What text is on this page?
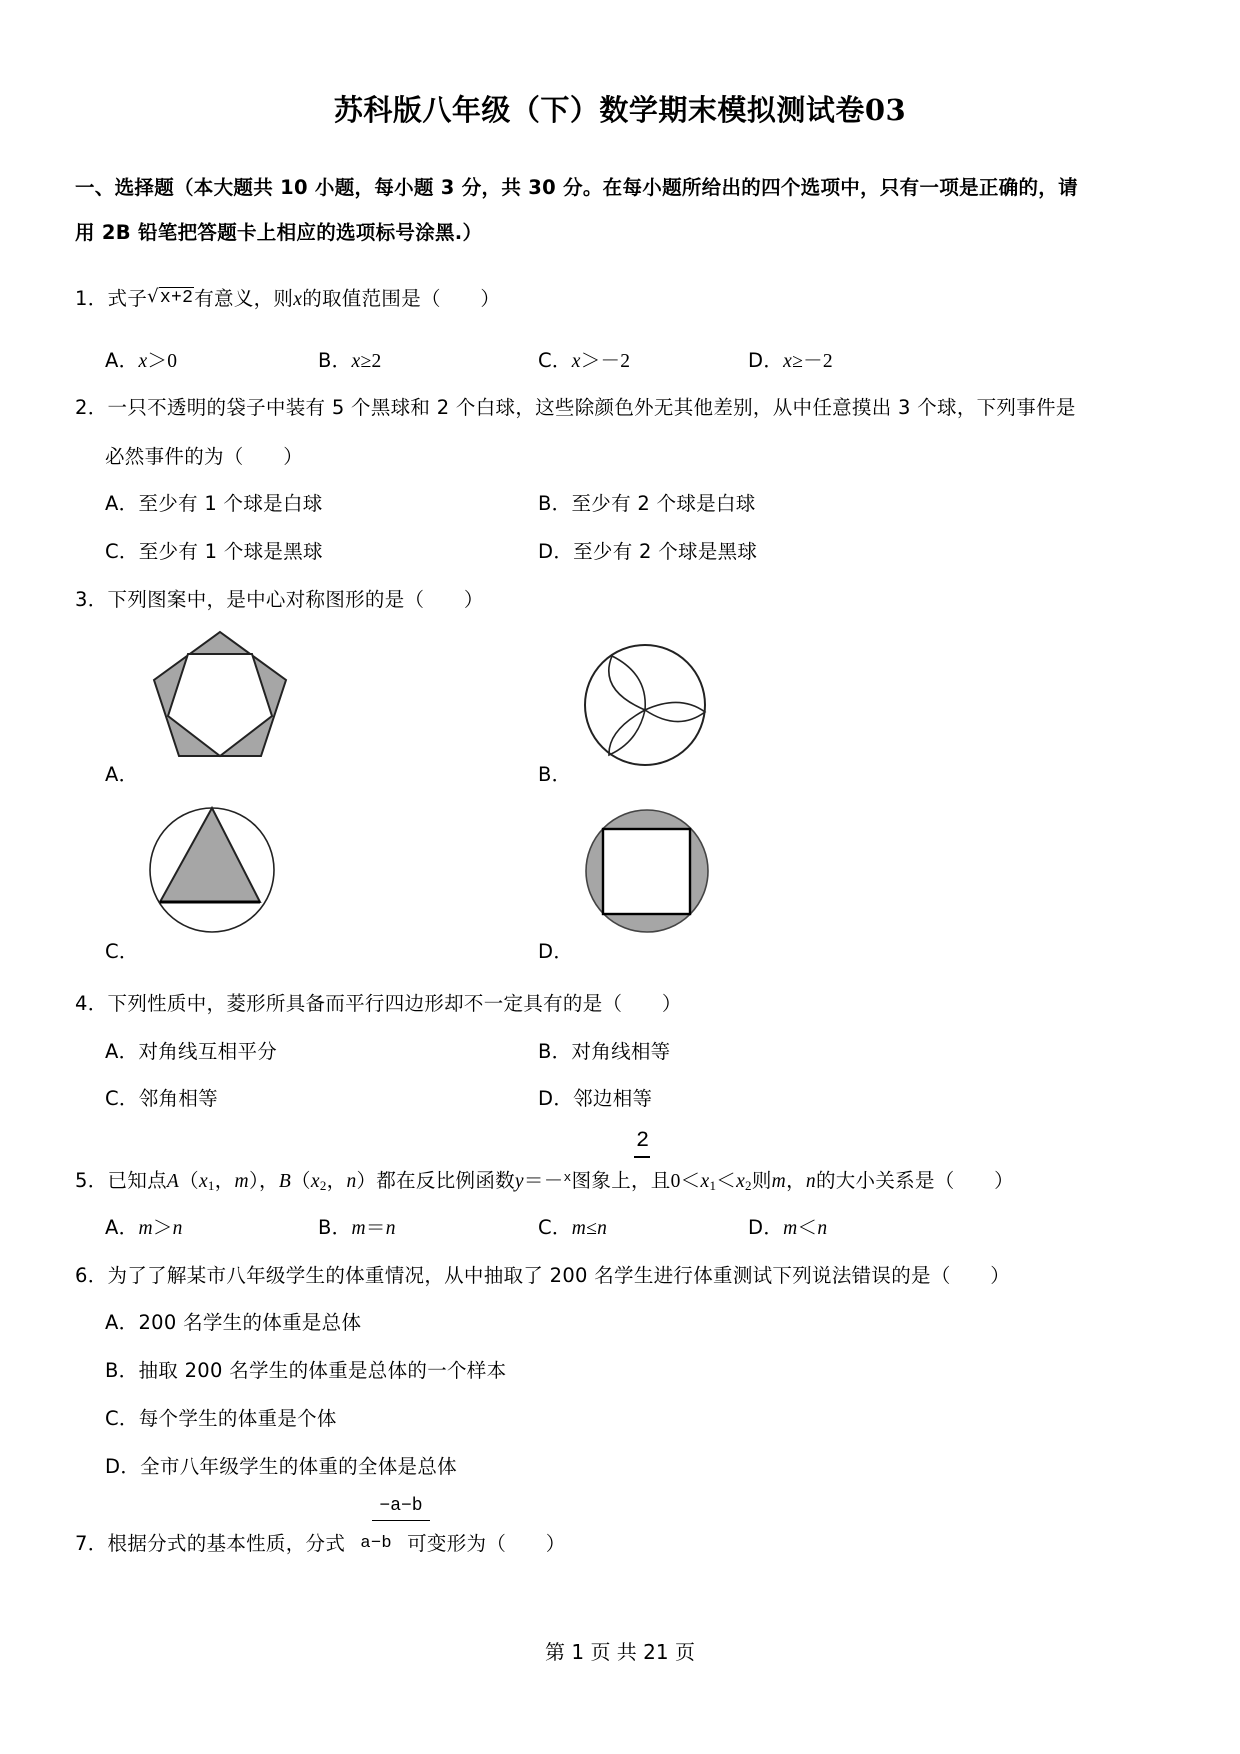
苏科版八年级（下）数学期末模拟测试卷03
一、选择题（本大题共 10 小题，每小题 3 分，共 30 分。在每小题所给出的四个选项中，只有一项是正确的，请
用 2B 铅笔把答题卡上相应的选项标号涂黑.）
1．式子√x+2有意义，则x的取值范围是（　　）
A．x＞0	B．x≥2	C．x＞－2	D．x≥－2
2．一只不透明的袋子中装有 5 个黑球和 2 个白球，这些除颜色外无其他差别，从中任意摸出 3 个球，下列事件是
必然事件的为（　　）
A．至少有 1 个球是白球	B．至少有 2 个球是白球
C．至少有 1 个球是黑球	D．至少有 2 个球是黑球
3．下列图案中，是中心对称图形的是（　　）
A．	B．
C．	D．
4．下列性质中，菱形所具备而平行四边形却不一定具有的是（　　）
A．对角线互相平分	B．对角线相等
C．邻角相等	D．邻边相等
2
5．已知点$A(x_1$，m），$B(x_2$，n）都在反比例函数y＝－$^x$图象上，且$0<x_1<x_2$则m，n的大小关系是（　　）
A．m＞n	B．m＝n	C．m≤n	D．m＜n
6．为了了解某市八年级学生的体重情况，从中抽取了 200 名学生进行体重测试下列说法错误的是（　　）
A．200 名学生的体重是总体
B．抽取 200 名学生的体重是总体的一个样本
C．每个学生的体重是个体
D．全市八年级学生的体重的全体是总体
−a−b
7．根据分式的基本性质，分式 a−b 可变形为（　　）
第 1 页 共 21 页
